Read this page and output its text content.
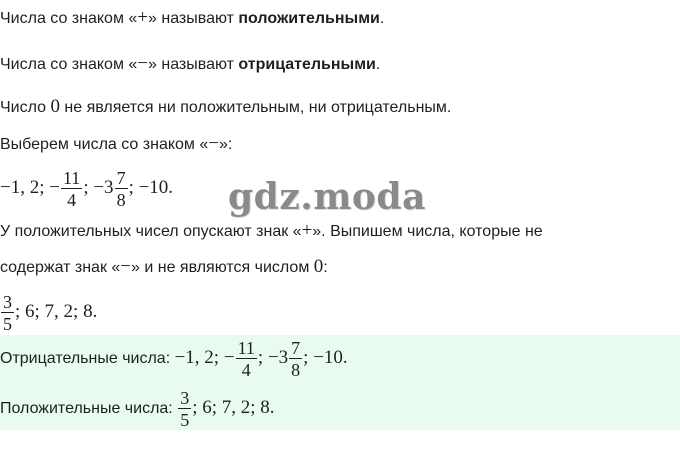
Числа со знаком «+» называют положительными.
Числа со знаком «−» называют отрицательными.
Число 0 не является ни положительным, ни отрицательным.
Выберем числа со знаком «−»:
−1, 2; − $\frac{11}{4}$ ; $-3 \frac{7}{8}$ ; −10. gdz.moda
У положительных чисел опускают знак «+». Выпишем числа, которые не
содержат знак «−» и не являются числом 0:
$\frac{3}{5}$ ; 6; 7, 2; 8.
Отрицательные числа: −1, 2; − $\frac{11}{4}$ ; $-3 \frac{7}{8}$ ; −10.
Положительные числа: $\frac{3}{5}$ ; 6; 7, 2; 8.
